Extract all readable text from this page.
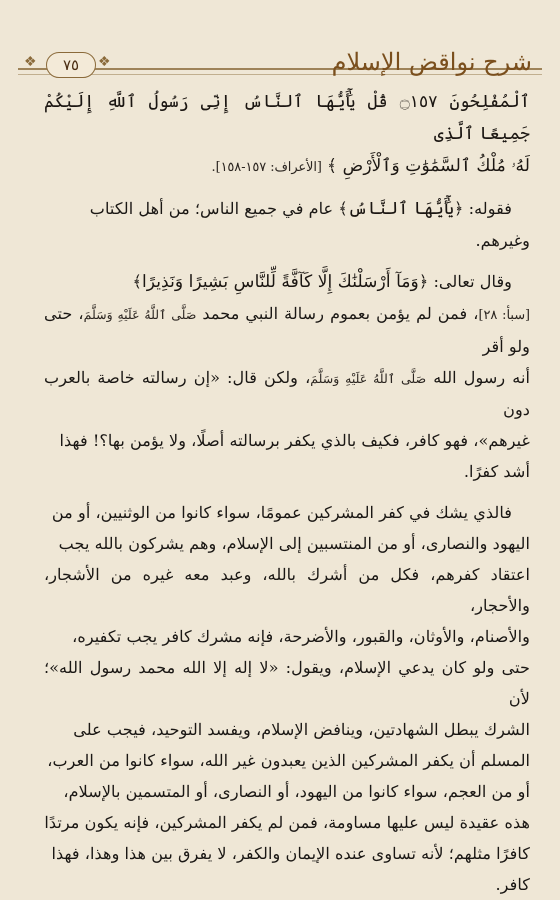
❖ ٧٥ ❖	شرح نواقض الإسلام

ٱلْمُفْلِحُونَ ۝١٥٧ قُلْ يَٰٓأَيُّهَا ٱلنَّاسُ إِنِّى رَسُولُ ٱللَّهِ إِلَيْكُمْ جَمِيعًا ٱلَّذِى

لَهُۥ مُلْكُ ٱلسَّمَٰوَٰتِ وَٱلْأَرْضِ ﴾ [الأعراف: ١٥٧-١٥٨].

فقوله: ﴿يَٰٓأَيُّهَا ٱلنَّاسُ﴾ عام في جميع الناس؛ من أهل الكتاب

وغيرهم.

وقال تعالى: ﴿وَمَآ أَرْسَلْنَٰكَ إِلَّا كَآفَّةً لِّلنَّاسِ بَشِيرًا وَنَذِيرًا﴾

[سبأ: ٢٨]، فمن لم يؤمن بعموم رسالة النبي محمد صَلَّى ٱللَّهُ عَلَيْهِ وَسَلَّمَ، حتى ولو أقر

أنه رسول الله صَلَّى ٱللَّهُ عَلَيْهِ وَسَلَّمَ، ولكن قال: «إن رسالته خاصة بالعرب دون

غيرهم»، فهو كافر، فكيف بالذي يكفر برسالته أصلًا، ولا يؤمن بها؟! فهذا

أشد كفرًا.

فالذي يشك في كفر المشركين عمومًا، سواء كانوا من الوثنيين، أو من

اليهود والنصارى، أو من المنتسبين إلى الإسلام، وهم يشركون بالله يجب

اعتقاد كفرهم، فكل من أشرك بالله، وعبد معه غيره من الأشجار، والأحجار،

والأصنام، والأوثان، والقبور، والأضرحة، فإنه مشرك كافر يجب تكفيره،

حتى ولو كان يدعي الإسلام، ويقول: «لا إله إلا الله محمد رسول الله»؛ لأن

الشرك يبطل الشهادتين، وينافض الإسلام، ويفسد التوحيد، فيجب على

المسلم أن يكفر المشركين الذين يعبدون غير الله، سواء كانوا من العرب،

أو من العجم، سواء كانوا من اليهود، أو النصارى، أو المتسمين بالإسلام،

هذه عقيدة ليس عليها مساومة، فمن لم يكفر المشركين، فإنه يكون مرتدًا

كافرًا مثلهم؛ لأنه تساوى عنده الإيمان والكفر، لا يفرق بين هذا وهذا، فهذا

كافر.
